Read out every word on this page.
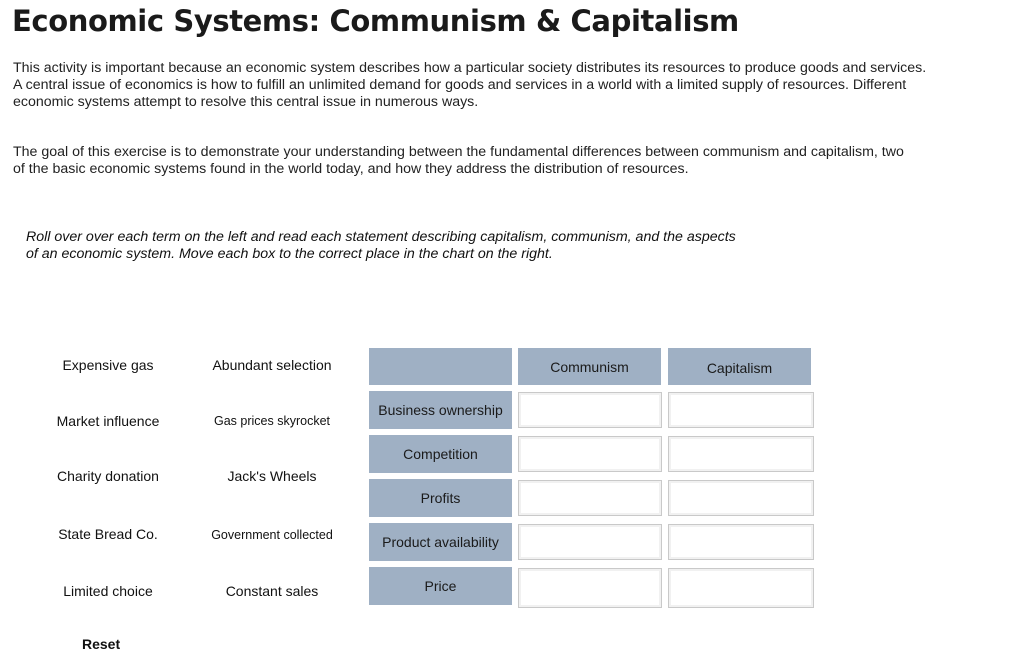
Economic Systems: Communism & Capitalism

This activity is important because an economic system describes how a particular society distributes its resources to produce goods and services. A central issue of economics is how to fulfill an unlimited demand for goods and services in a world with a limited supply of resources. Different economic systems attempt to resolve this central issue in numerous ways.

The goal of this exercise is to demonstrate your understanding between the fundamental differences between communism and capitalism, two of the basic economic systems found in the world today, and how they address the distribution of resources.

Roll over over each term on the left and read each statement describing capitalism, communism, and the aspects of an economic system. Move each box to the correct place in the chart on the right.

Expensive gas
Market influence
Charity donation
State Bread Co.
Limited choice
Abundant selection
Gas prices skyrocket
Jack's Wheels
Government collected
Constant sales
Communism	Capitalism
Business ownership
Competition
Profits
Product availability
Price
Reset
